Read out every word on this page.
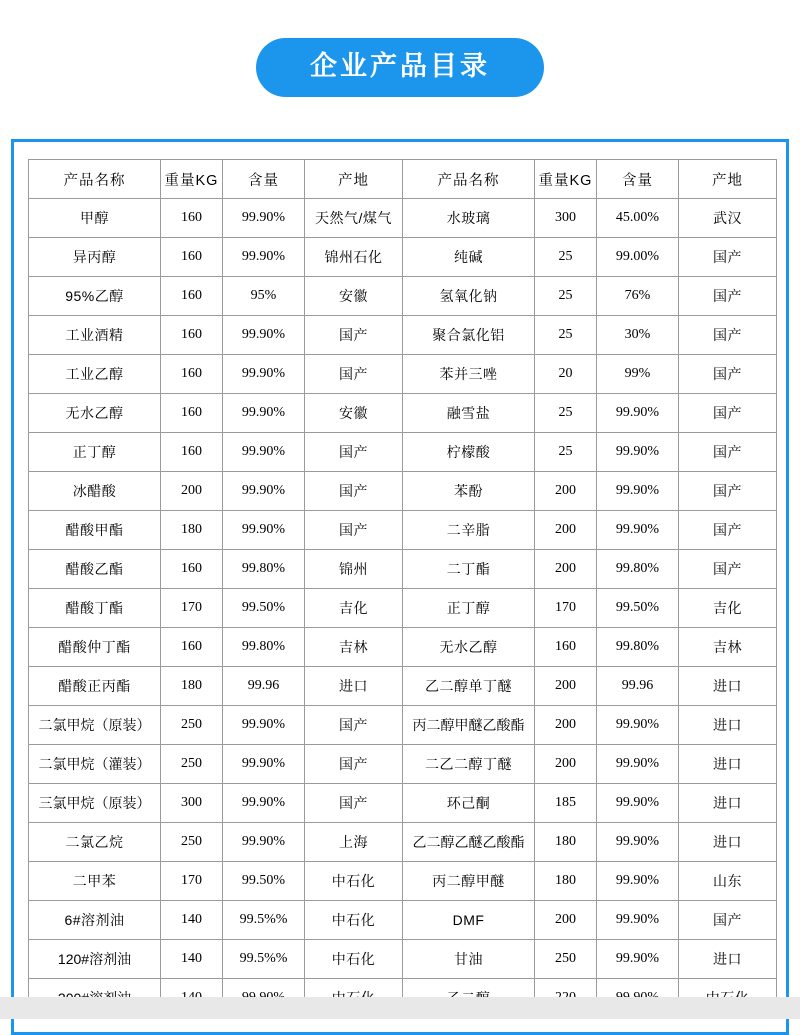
企业产品目录
产品名称	重量KG	含量	产地	产品名称	重量KG	含量	产地
甲醇	160	99.90%	天然气/煤气	水玻璃	300	45.00%	武汉
异丙醇	160	99.90%	锦州石化	纯碱	25	99.00%	国产
95%乙醇	160	95%	安徽	氢氧化钠	25	76%	国产
工业酒精	160	99.90%	国产	聚合氯化铝	25	30%	国产
工业乙醇	160	99.90%	国产	苯并三唑	20	99%	国产
无水乙醇	160	99.90%	安徽	融雪盐	25	99.90%	国产
正丁醇	160	99.90%	国产	柠檬酸	25	99.90%	国产
冰醋酸	200	99.90%	国产	苯酚	200	99.90%	国产
醋酸甲酯	180	99.90%	国产	二辛脂	200	99.90%	国产
醋酸乙酯	160	99.80%	锦州	二丁酯	200	99.80%	国产
醋酸丁酯	170	99.50%	吉化	正丁醇	170	99.50%	吉化
醋酸仲丁酯	160	99.80%	吉林	无水乙醇	160	99.80%	吉林
醋酸正丙酯	180	99.96	进口	乙二醇单丁醚	200	99.96	进口
二氯甲烷（原装）	250	99.90%	国产	丙二醇甲醚乙酸酯	200	99.90%	进口
二氯甲烷（灌装）	250	99.90%	国产	二乙二醇丁醚	200	99.90%	进口
三氯甲烷（原装）	300	99.90%	国产	环己酮	185	99.90%	进口
二氯乙烷	250	99.90%	上海	乙二醇乙醚乙酸酯	180	99.90%	进口
二甲苯	170	99.50%	中石化	丙二醇甲醚	180	99.90%	山东
6#溶剂油	140	99.5%%	中石化	DMF	200	99.90%	国产
120#溶剂油	140	99.5%%	中石化	甘油	250	99.90%	进口
